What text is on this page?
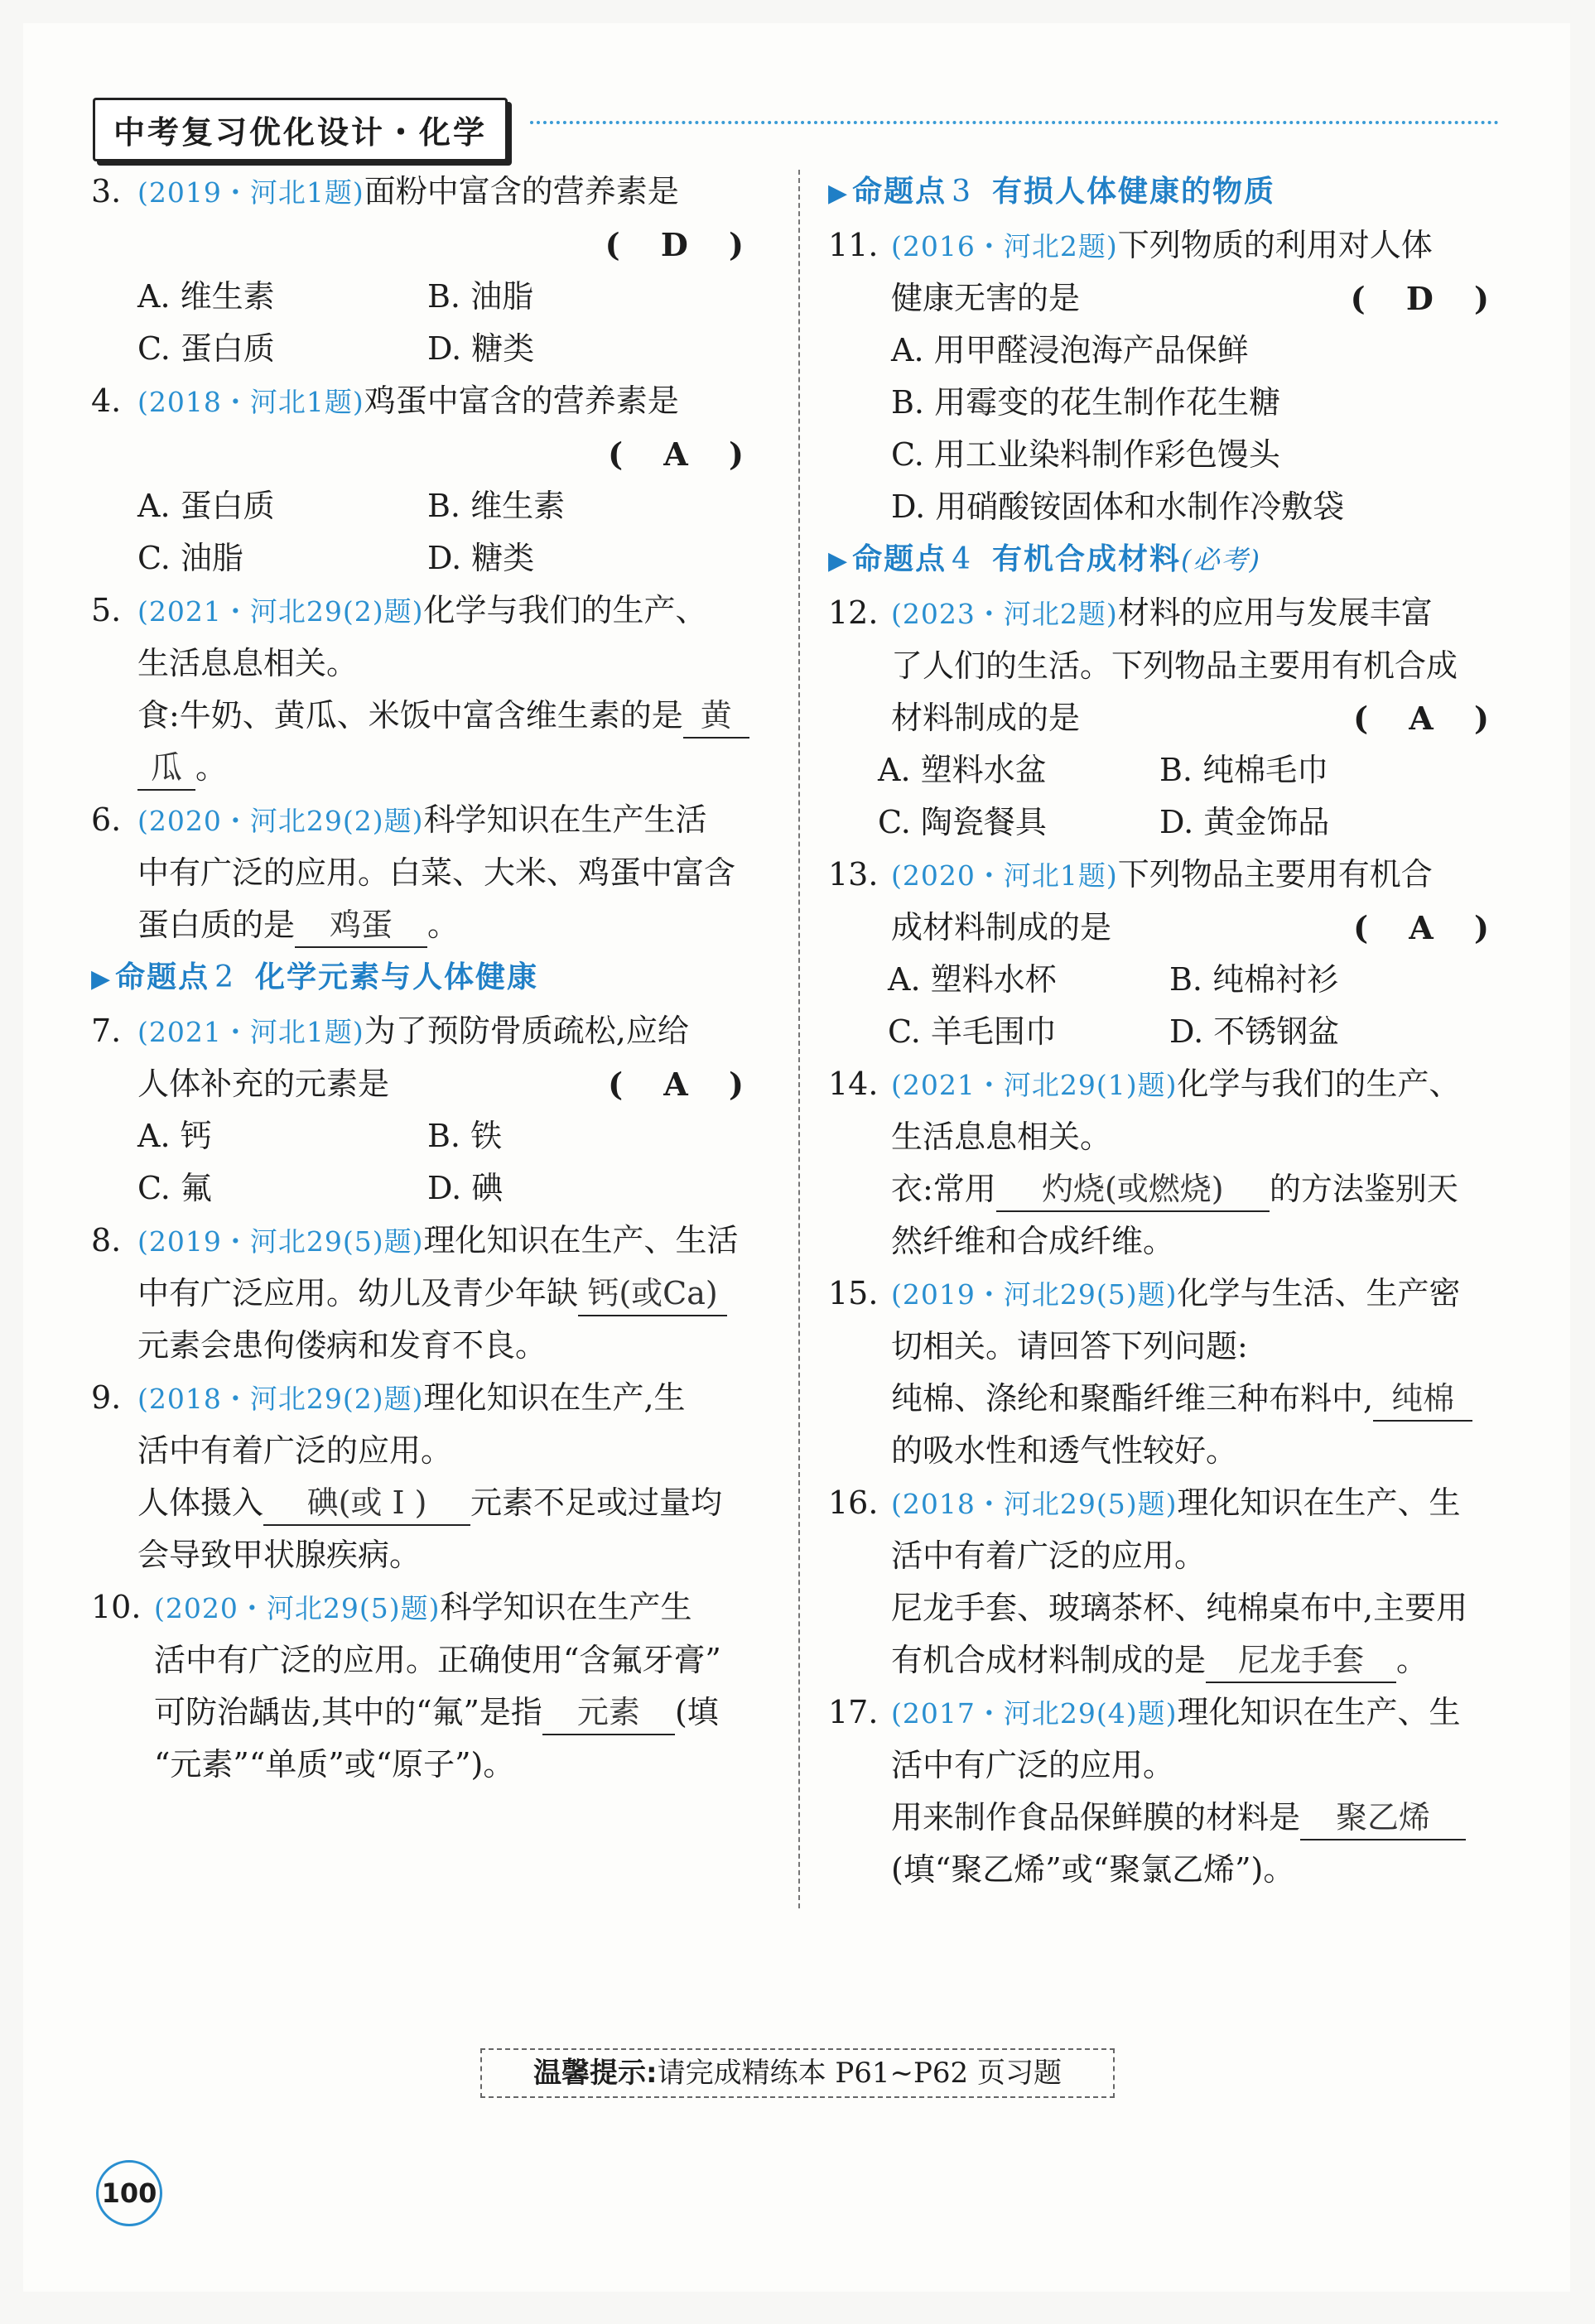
中考复习优化设计・化学
3. (2019・河北1题)面粉中富含的营养素是
( D )
A. 维生素	B. 油脂
C. 蛋白质	D. 糖类
4. (2018・河北1题)鸡蛋中富含的营养素是
( A )
A. 蛋白质	B. 维生素
C. 油脂	D. 糖类
5. (2021・河北29(2)题)化学与我们的生产、
生活息息相关。
食:牛奶、黄瓜、米饭中富含维生素的是 黄
瓜 。
6. (2020・河北29(2)题)科学知识在生产生活
中有广泛的应用。白菜、大米、鸡蛋中富含
蛋白质的是 鸡蛋 。
▶ 命题点 2 化学元素与人体健康
7. (2021・河北1题)为了预防骨质疏松,应给
人体补充的元素是	( A )
A. 钙	B. 铁
C. 氟	D. 碘
8. (2019・河北29(5)题)理化知识在生产、生活
中有广泛应用。幼儿及青少年缺 钙(或Ca)
元素会患佝偻病和发育不良。
9. (2018・河北29(2)题)理化知识在生产,生
活中有着广泛的应用。
人体摄入 碘(或 I ) 元素不足或过量均
会导致甲状腺疾病。
10. (2020・河北29(5)题)科学知识在生产生
活中有广泛的应用。正确使用“含氟牙膏”
可防治龋齿,其中的“氟”是指 元素 (填
“元素”“单质”或“原子”)。
▶ 命题点 3 有损人体健康的物质
11. (2016・河北2题)下列物质的利用对人体
健康无害的是	( D )
A. 用甲醛浸泡海产品保鲜
B. 用霉变的花生制作花生糖
C. 用工业染料制作彩色馒头
D. 用硝酸铵固体和水制作冷敷袋
▶ 命题点 4 有机合成材料(必考)
12. (2023・河北2题)材料的应用与发展丰富
了人们的生活。下列物品主要用有机合成
材料制成的是	( A )
A. 塑料水盆	B. 纯棉毛巾
C. 陶瓷餐具	D. 黄金饰品
13. (2020・河北1题)下列物品主要用有机合
成材料制成的是	( A )
A. 塑料水杯	B. 纯棉衬衫
C. 羊毛围巾	D. 不锈钢盆
14. (2021・河北29(1)题)化学与我们的生产、
生活息息相关。
衣:常用 灼烧(或燃烧) 的方法鉴别天
然纤维和合成纤维。
15. (2019・河北29(5)题)化学与生活、生产密
切相关。请回答下列问题:
纯棉、涤纶和聚酯纤维三种布料中, 纯棉
的吸水性和透气性较好。
16. (2018・河北29(5)题)理化知识在生产、生
活中有着广泛的应用。
尼龙手套、玻璃茶杯、纯棉桌布中,主要用
有机合成材料制成的是 尼龙手套 。
17. (2017・河北29(4)题)理化知识在生产、生
活中有广泛的应用。
用来制作食品保鲜膜的材料是 聚乙烯
(填“聚乙烯”或“聚氯乙烯”)。
温馨提示:请完成精练本 P61~P62 页习题
100
